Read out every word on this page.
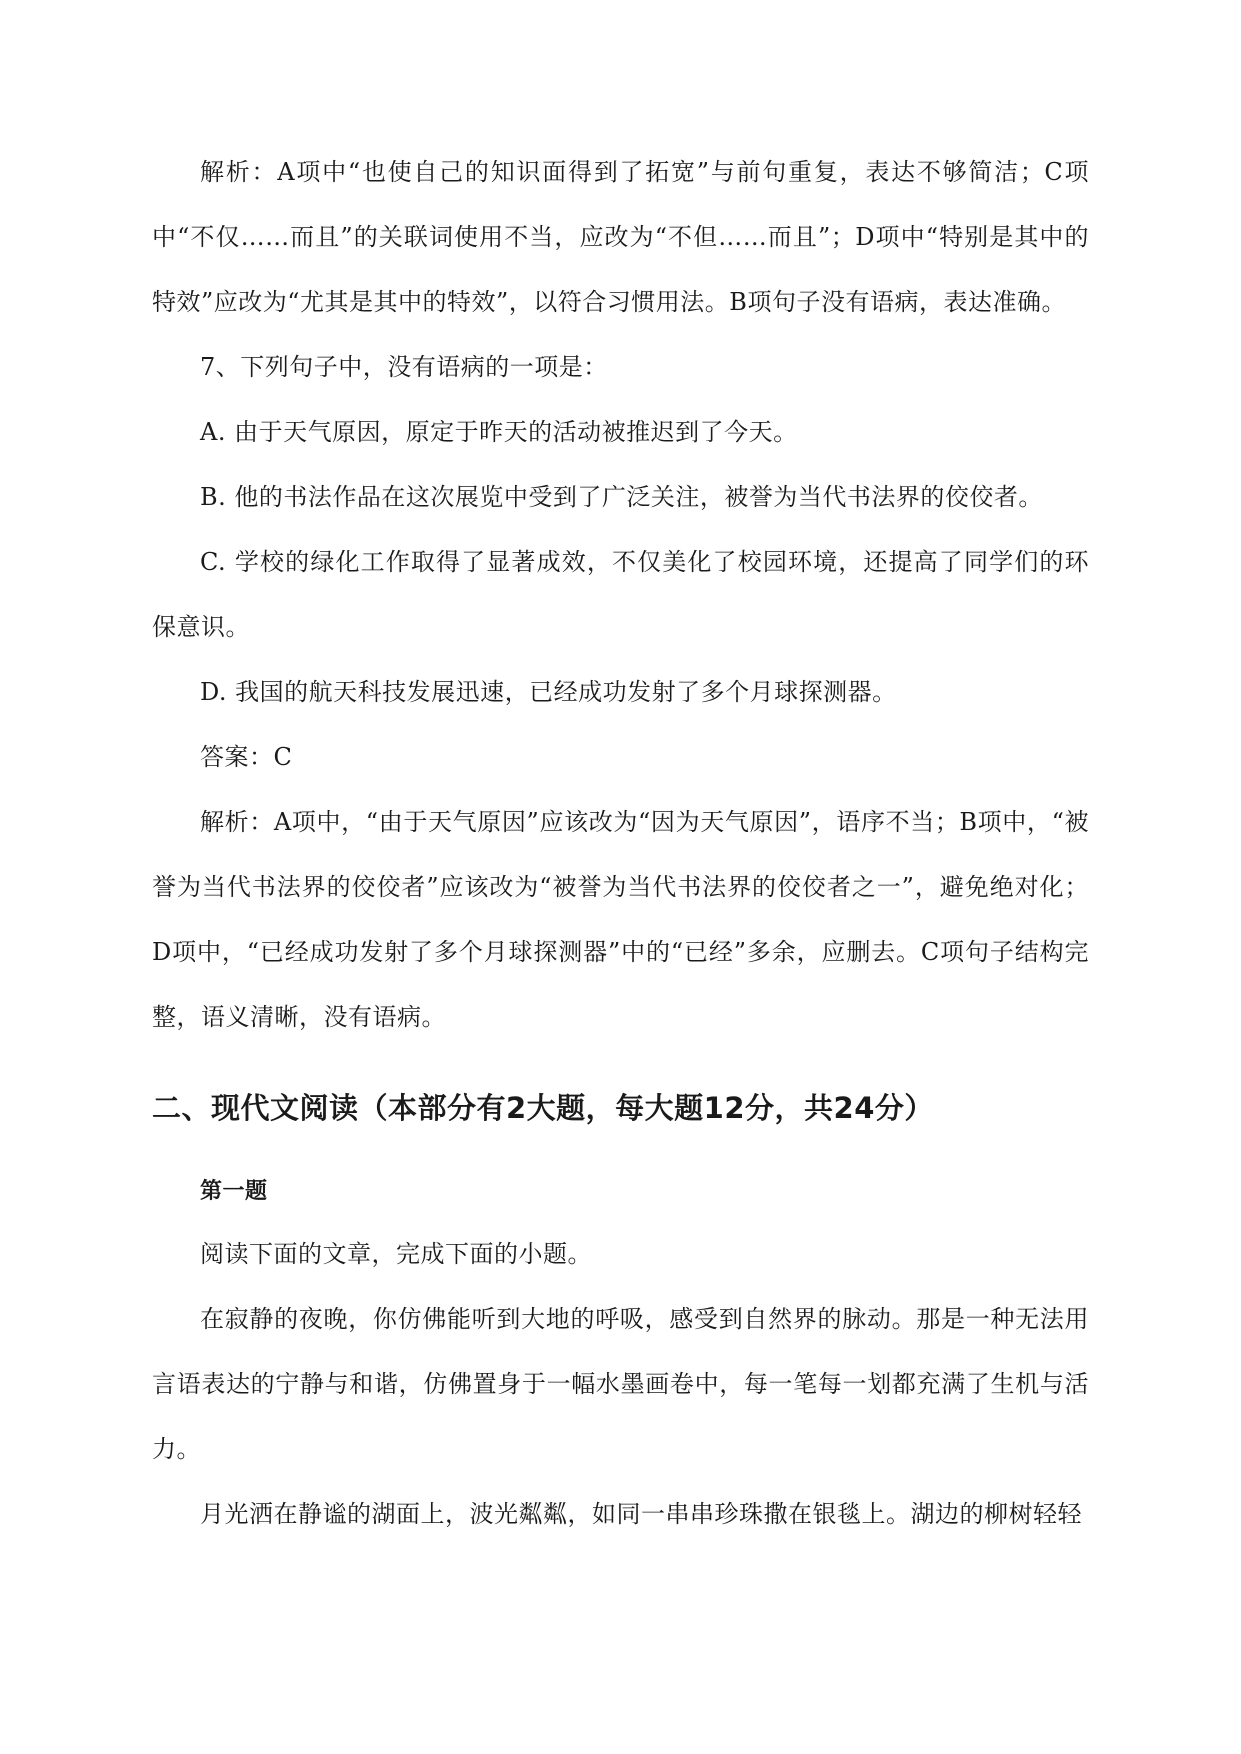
解析：A项中“也使自己的知识面得到了拓宽”与前句重复，表达不够简洁；C项中“不仅……而且”的关联词使用不当，应改为“不但……而且”；D项中“特别是其中的特效”应改为“尤其是其中的特效”，以符合习惯用法。B项句子没有语病，表达准确。

7、下列句子中，没有语病的一项是：

A. 由于天气原因，原定于昨天的活动被推迟到了今天。

B. 他的书法作品在这次展览中受到了广泛关注，被誉为当代书法界的佼佼者。

C. 学校的绿化工作取得了显著成效，不仅美化了校园环境，还提高了同学们的环保意识。

D. 我国的航天科技发展迅速，已经成功发射了多个月球探测器。

答案：C

解析：A项中，“由于天气原因”应该改为“因为天气原因”，语序不当；B项中，“被誉为当代书法界的佼佼者”应该改为“被誉为当代书法界的佼佼者之一”，避免绝对化；D项中，“已经成功发射了多个月球探测器”中的“已经”多余，应删去。C项句子结构完整，语义清晰，没有语病。

二、现代文阅读（本部分有2大题，每大题12分，共24分）

第一题

阅读下面的文章，完成下面的小题。

在寂静的夜晚，你仿佛能听到大地的呼吸，感受到自然界的脉动。那是一种无法用言语表达的宁静与和谐，仿佛置身于一幅水墨画卷中，每一笔每一划都充满了生机与活力。

月光洒在静谧的湖面上，波光粼粼，如同一串串珍珠撒在银毯上。湖边的柳树轻轻
